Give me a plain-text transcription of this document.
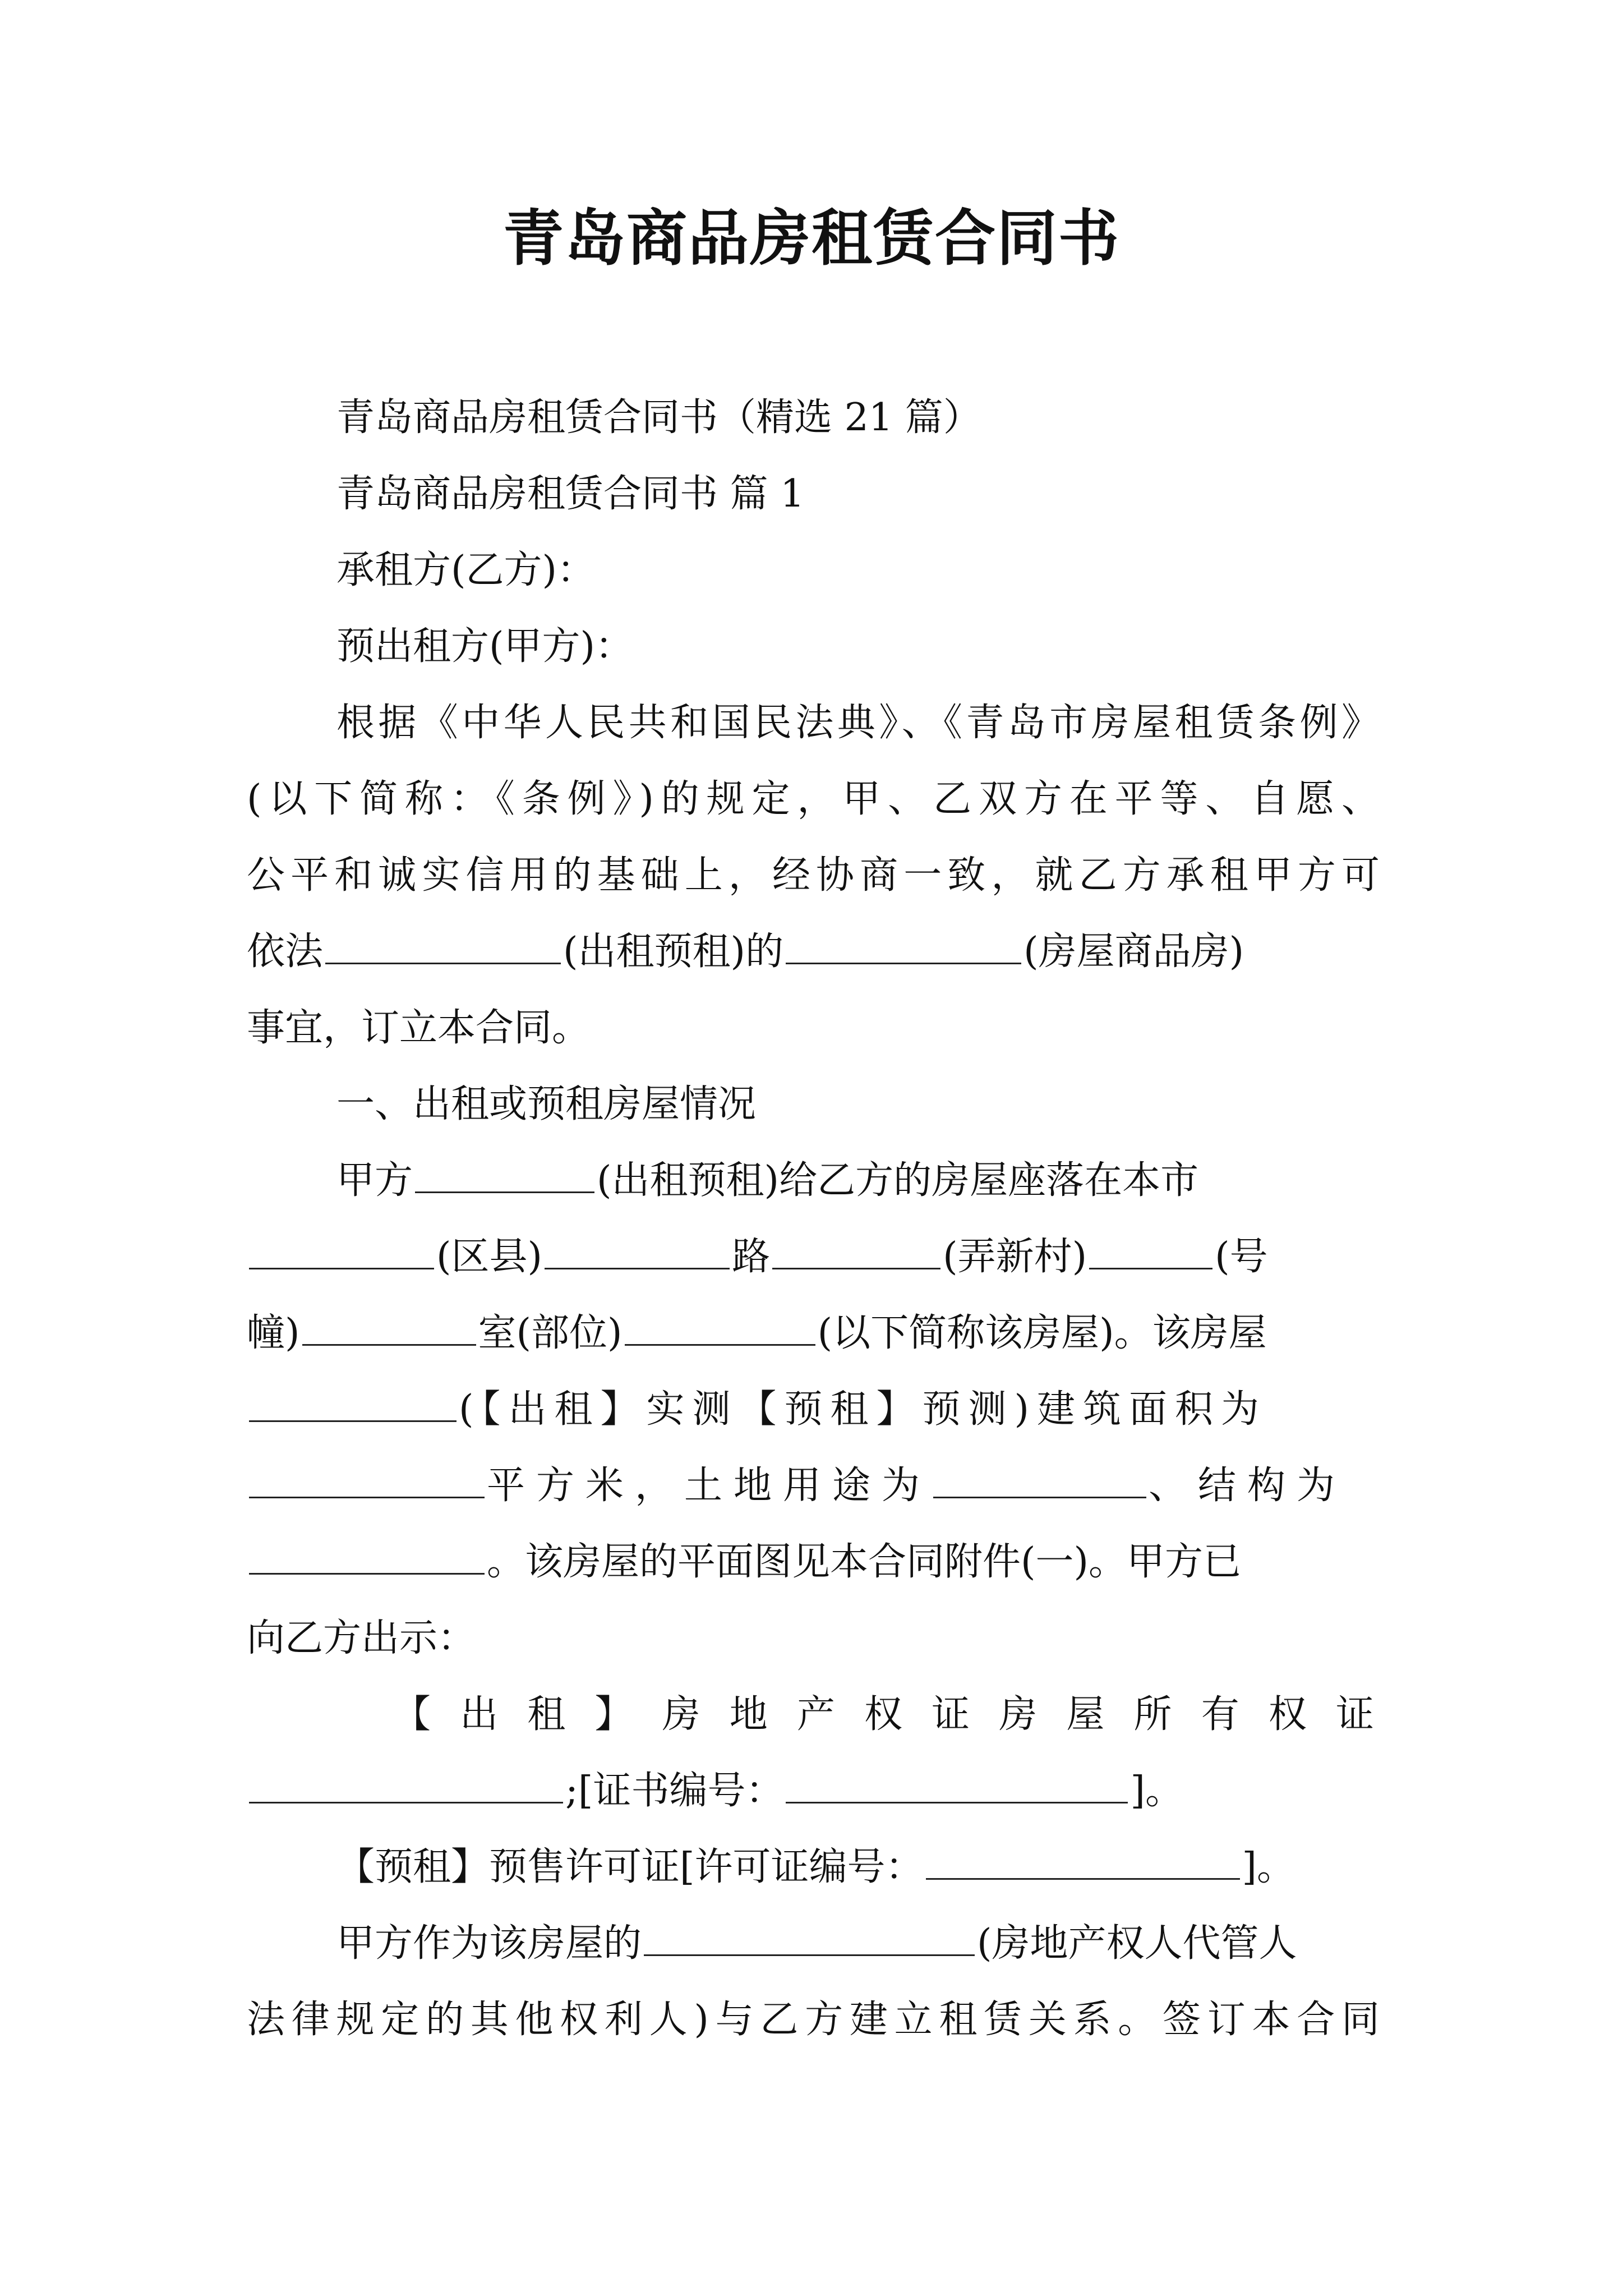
青岛商品房租赁合同书
青岛商品房租赁合同书（精选 21 篇）
青岛商品房租赁合同书 篇 1
承租方(乙方)：
预出租方(甲方)：
根据《中华人民共和国民法典》、《青岛市房屋租赁条例》
(以下简称：《条例》)的规定，甲、乙双方在平等、自愿、
公平和诚实信用的基础上，经协商一致，就乙方承租甲方可
依法	(出租预租)的	(房屋商品房)
事宜，订立本合同。
一、出租或预租房屋情况
甲方	(出租预租)给乙方的房屋座落在本市
(区县)	路	(弄新村)	(号
幢)	室(部位)	(以下简称该房屋)。该房屋
(【出租】实测【预租】预测)建筑面积为
平方米，土地用途为	、结构为
。该房屋的平面图见本合同附件(一)。甲方已
向乙方出示：
【出租】房地产权证房屋所有权证
;[证书编号：	]。
【预租】预售许可证[许可证编号：	]。
甲方作为该房屋的	(房地产权人代管人
法律规定的其他权利人)与乙方建立租赁关系。签订本合同
